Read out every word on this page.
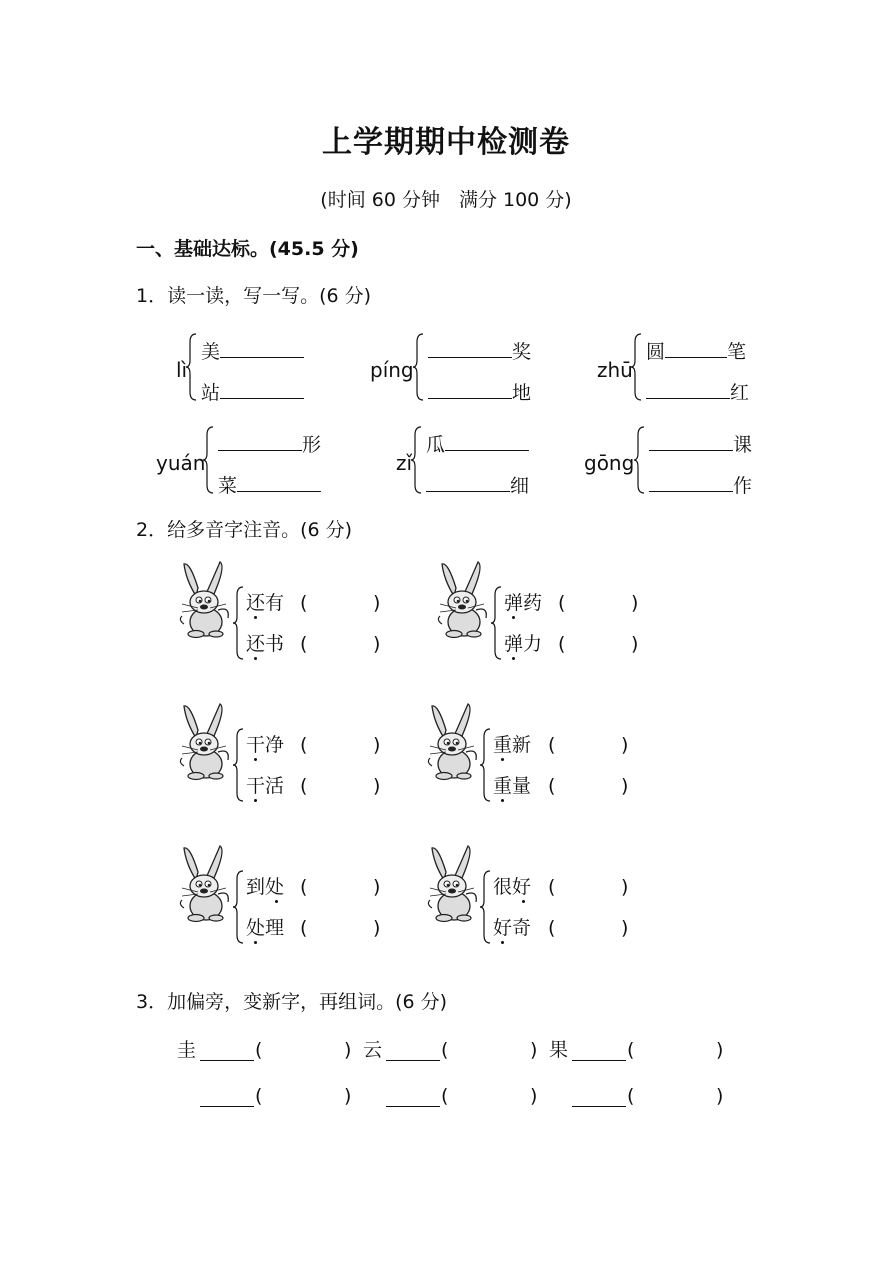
上学期期中检测卷
(时间 60 分钟　满分 100 分)
一、基础达标。(45.5 分)
1．读一读，写一写。(6 分)
lì
美
站
píng
奖
地
zhū
圆	笔
红
yuán
形
菜
zǐ
瓜
细
gōng
课
作
2．给多音字注音。(6 分)
还有 (	)
还书 (	)
弹药 (	)
弹力 (	)
干净 (	)
干活 (	)
重新 (	)
重量 (	)
到处 (	)
处理 (	)
很好 (	)
好奇 (	)
3．加偏旁，变新字，再组词。(6 分)
圭	(	) 云	(	) 果	(	)
(	)	(	)	(	)
